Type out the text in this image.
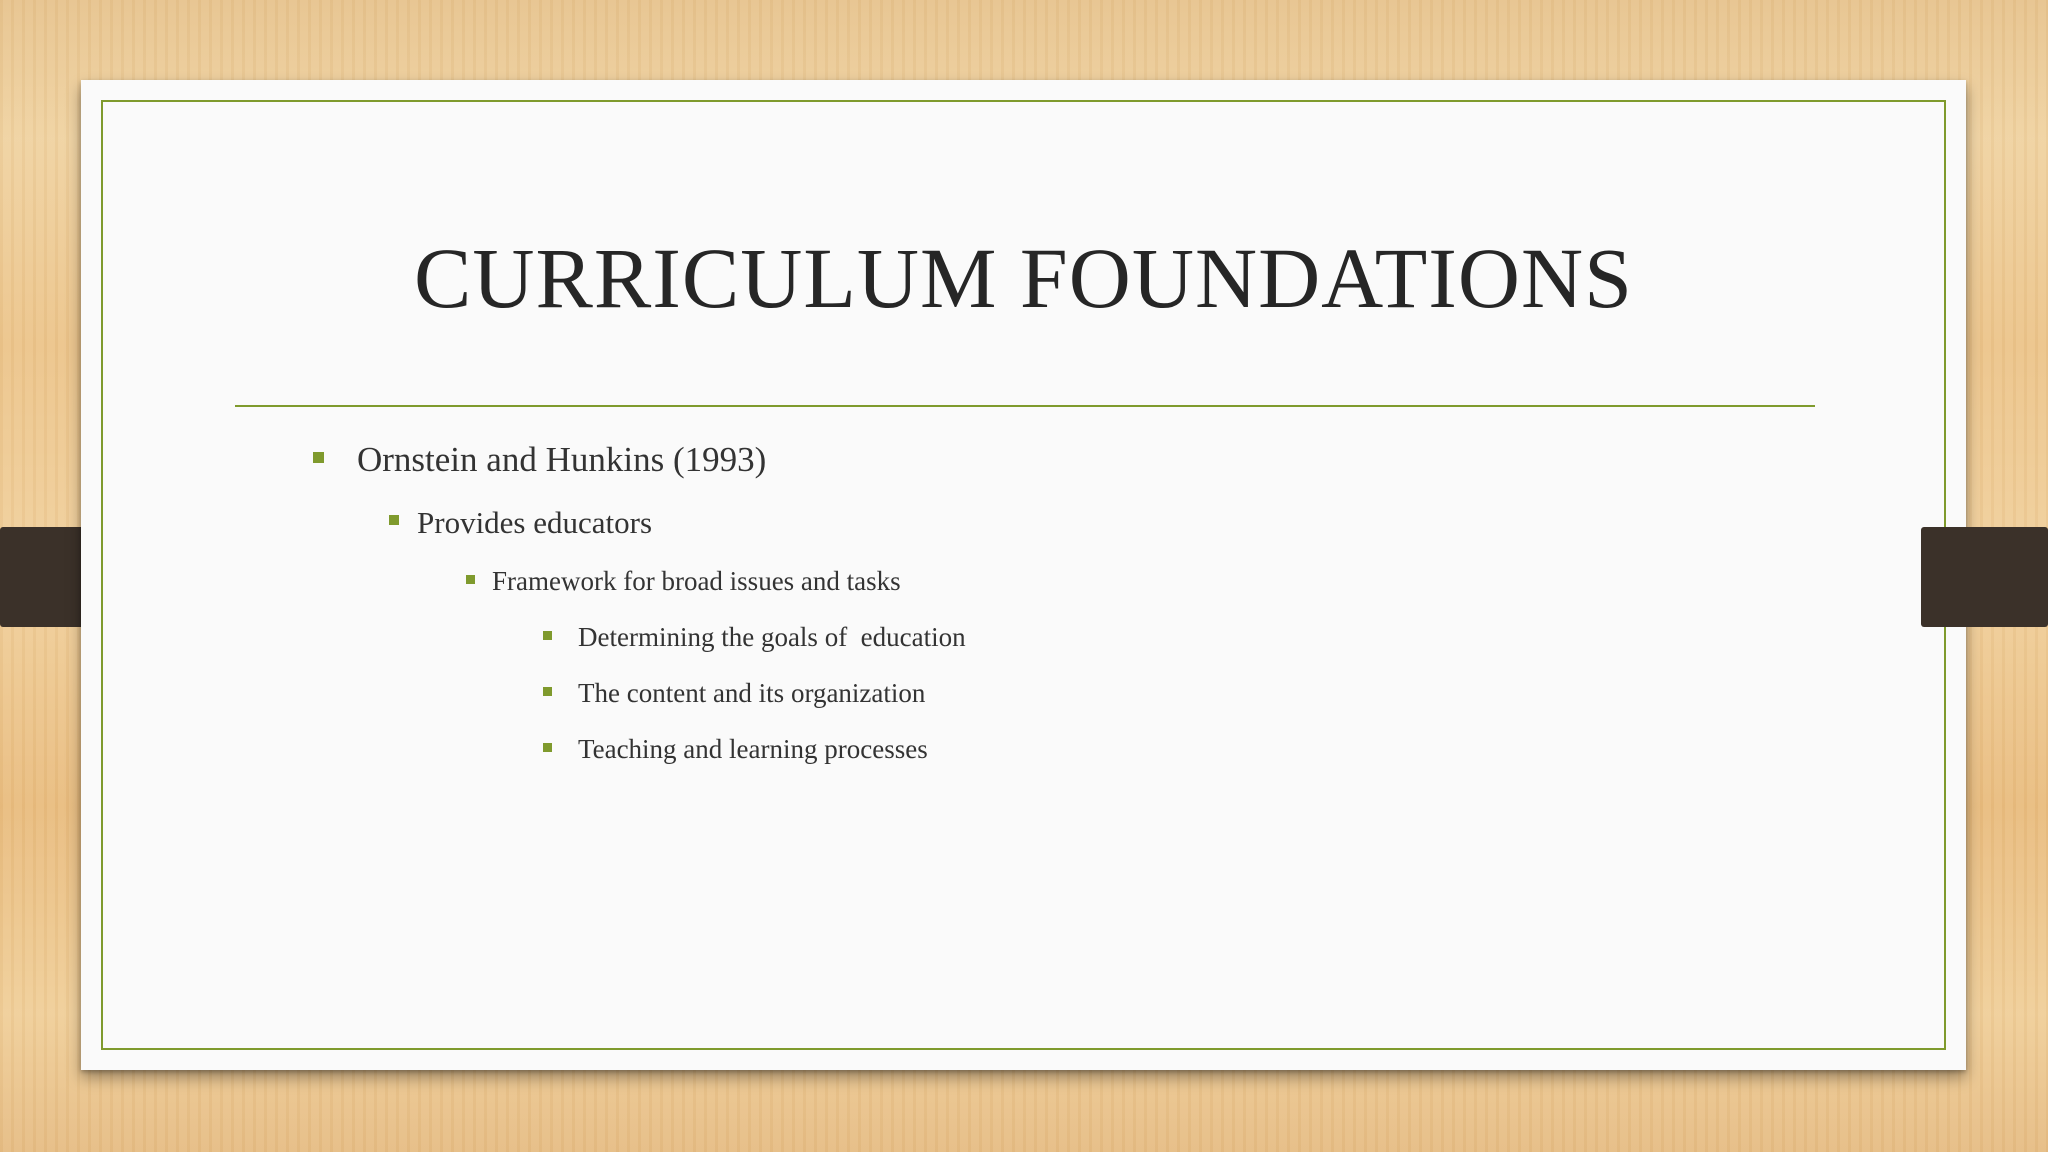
CURRICULUM FOUNDATIONS
Ornstein and Hunkins (1993)
Provides educators
Framework for broad issues and tasks
Determining the goals of  education
The content and its organization
Teaching and learning processes
